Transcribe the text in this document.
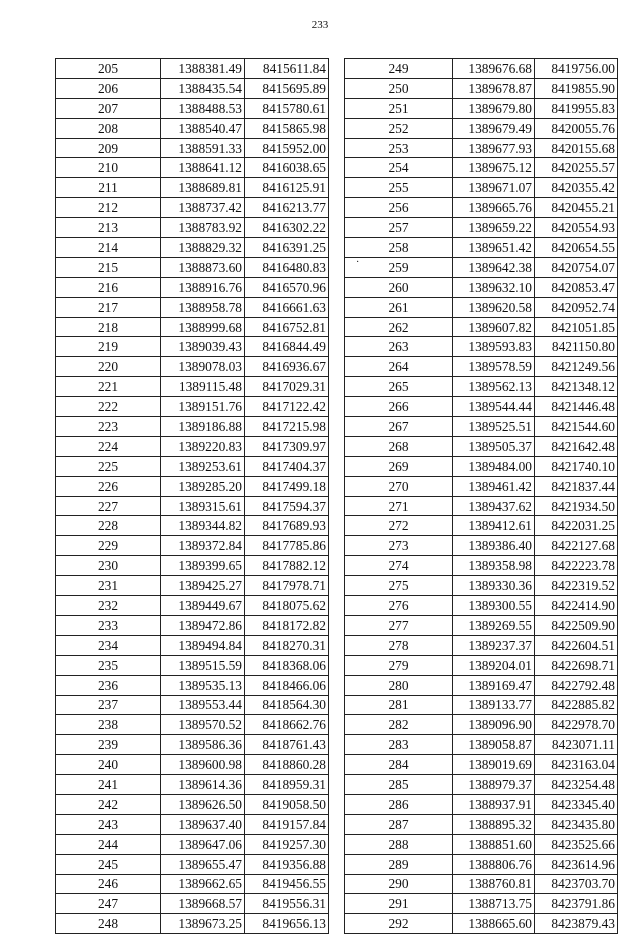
233
205	1388381.49	8415611.84
206	1388435.54	8415695.89
207	1388488.53	8415780.61
208	1388540.47	8415865.98
209	1388591.33	8415952.00
210	1388641.12	8416038.65
211	1388689.81	8416125.91
212	1388737.42	8416213.77
213	1388783.92	8416302.22
214	1388829.32	8416391.25
215	1388873.60	8416480.83
216	1388916.76	8416570.96
217	1388958.78	8416661.63
218	1388999.68	8416752.81
219	1389039.43	8416844.49
220	1389078.03	8416936.67
221	1389115.48	8417029.31
222	1389151.76	8417122.42
223	1389186.88	8417215.98
224	1389220.83	8417309.97
225	1389253.61	8417404.37
226	1389285.20	8417499.18
227	1389315.61	8417594.37
228	1389344.82	8417689.93
229	1389372.84	8417785.86
230	1389399.65	8417882.12
231	1389425.27	8417978.71
232	1389449.67	8418075.62
233	1389472.86	8418172.82
234	1389494.84	8418270.31
235	1389515.59	8418368.06
236	1389535.13	8418466.06
237	1389553.44	8418564.30
238	1389570.52	8418662.76
239	1389586.36	8418761.43
240	1389600.98	8418860.28
241	1389614.36	8418959.31
242	1389626.50	8419058.50
243	1389637.40	8419157.84
244	1389647.06	8419257.30
245	1389655.47	8419356.88
246	1389662.65	8419456.55
247	1389668.57	8419556.31
248	1389673.25	8419656.13
249	1389676.68	8419756.00
250	1389678.87	8419855.90
251	1389679.80	8419955.83
252	1389679.49	8420055.76
253	1389677.93	8420155.68
254	1389675.12	8420255.57
255	1389671.07	8420355.42
256	1389665.76	8420455.21
257	1389659.22	8420554.93
258	1389651.42	8420654.55
259	1389642.38	8420754.07
260	1389632.10	8420853.47
261	1389620.58	8420952.74
262	1389607.82	8421051.85
263	1389593.83	8421150.80
264	1389578.59	8421249.56
265	1389562.13	8421348.12
266	1389544.44	8421446.48
267	1389525.51	8421544.60
268	1389505.37	8421642.48
269	1389484.00	8421740.10
270	1389461.42	8421837.44
271	1389437.62	8421934.50
272	1389412.61	8422031.25
273	1389386.40	8422127.68
274	1389358.98	8422223.78
275	1389330.36	8422319.52
276	1389300.55	8422414.90
277	1389269.55	8422509.90
278	1389237.37	8422604.51
279	1389204.01	8422698.71
280	1389169.47	8422792.48
281	1389133.77	8422885.82
282	1389096.90	8422978.70
283	1389058.87	8423071.11
284	1389019.69	8423163.04
285	1388979.37	8423254.48
286	1388937.91	8423345.40
287	1388895.32	8423435.80
288	1388851.60	8423525.66
289	1388806.76	8423614.96
290	1388760.81	8423703.70
291	1388713.75	8423791.86
292	1388665.60	8423879.43
·
